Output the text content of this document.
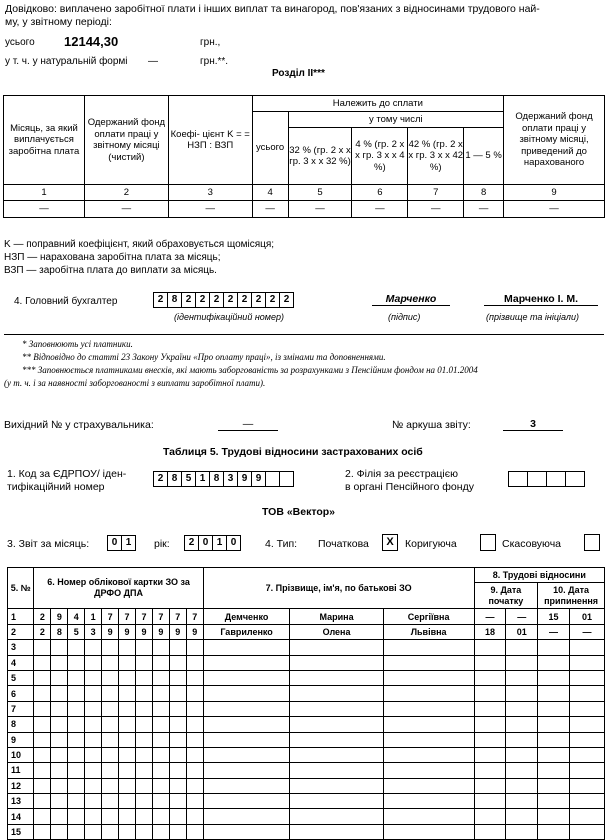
Довідково: виплачено заробітної плати і інших виплат та винагород, пов'язаних з відносинами трудового най-
му, у звітному періоді:
усього 12144,30	грн.,
у т. ч. у натуральній формі —	грн.**.
Розділ II***
Місяць, за який виплачується заробітна плата	Одержаний фонд оплати праці у звітному місяці (чистий)	Коефі- цієнт K = = НЗП : ВЗП	Належить до сплати					Одержаний фонд оплати праці у звітному місяці, приведений до нарахованого
			усього	у тому числі				
				32 % (гр. 2 х х гр. 3 х х 32 %)	4 % (гр. 2 х х гр. 3 х х 4 %)	42 % (гр. 2 х х гр. 3 х х 42 %)	1 — 5 %	
1	2	3	4	5	6	7	8	9
—	—	—	—	—	—	—	—	—
K — поправний коефіцієнт, який обраховується щомісяця;
НЗП — нарахована заробітна плата за місяць;
ВЗП — заробітна плата до виплати за місяць.
4. Головний бухгалтер	2 8 2 2 2 2 2 2 2 2
(ідентифікаційний номер)
Марченко
(підпис)
Марченко І. М.
(прізвище та ініціали)
* Заповнюють усі платники.
** Відповідно до статті 23 Закону України «Про оплату праці», із змінами та доповненнями.
*** Заповнюється платниками внесків, які мають заборгованість за розрахунками з Пенсійним фондом на 01.01.2004
(у т. ч. і за наявності заборгованості з виплати заробітної плати).
Вихідний № у страхувальника:	—	№ аркуша звіту:	3
Таблиця 5. Трудові відносини застрахованих осіб
1. Код за ЄДРПОУ/ іден-
тифікаційний номер
2 8 5 1 8 3 9 9	2. Філія за реєстрацією
в органі Пенсійного фонду
ТОВ «Вектор»
3. Звіт за місяць:	0 1	рік:	2 0 1 0	4. Тип: Початкова	X	Коригуюча	Скасовуюча
5. №	6. Номер облікової картки ЗО за ДРФО ДПА										7. Прізвище, ім'я, по батькові ЗО			8. Трудові відносини			
														9. Дата початку		10. Дата припинення	
1	2	9	4	1	7	7	7	7	7	7	Демченко	Марина	Сергіївна	—	—	15	01
2	2	8	5	3	9	9	9	9	9	9	Гавриленко	Олена	Львівна	18	01	—	—
3																	
4																	
5																	
6																	
7																	
8																	
9																	
10																	
11																	
12																	
13																	
14																	
15																	
